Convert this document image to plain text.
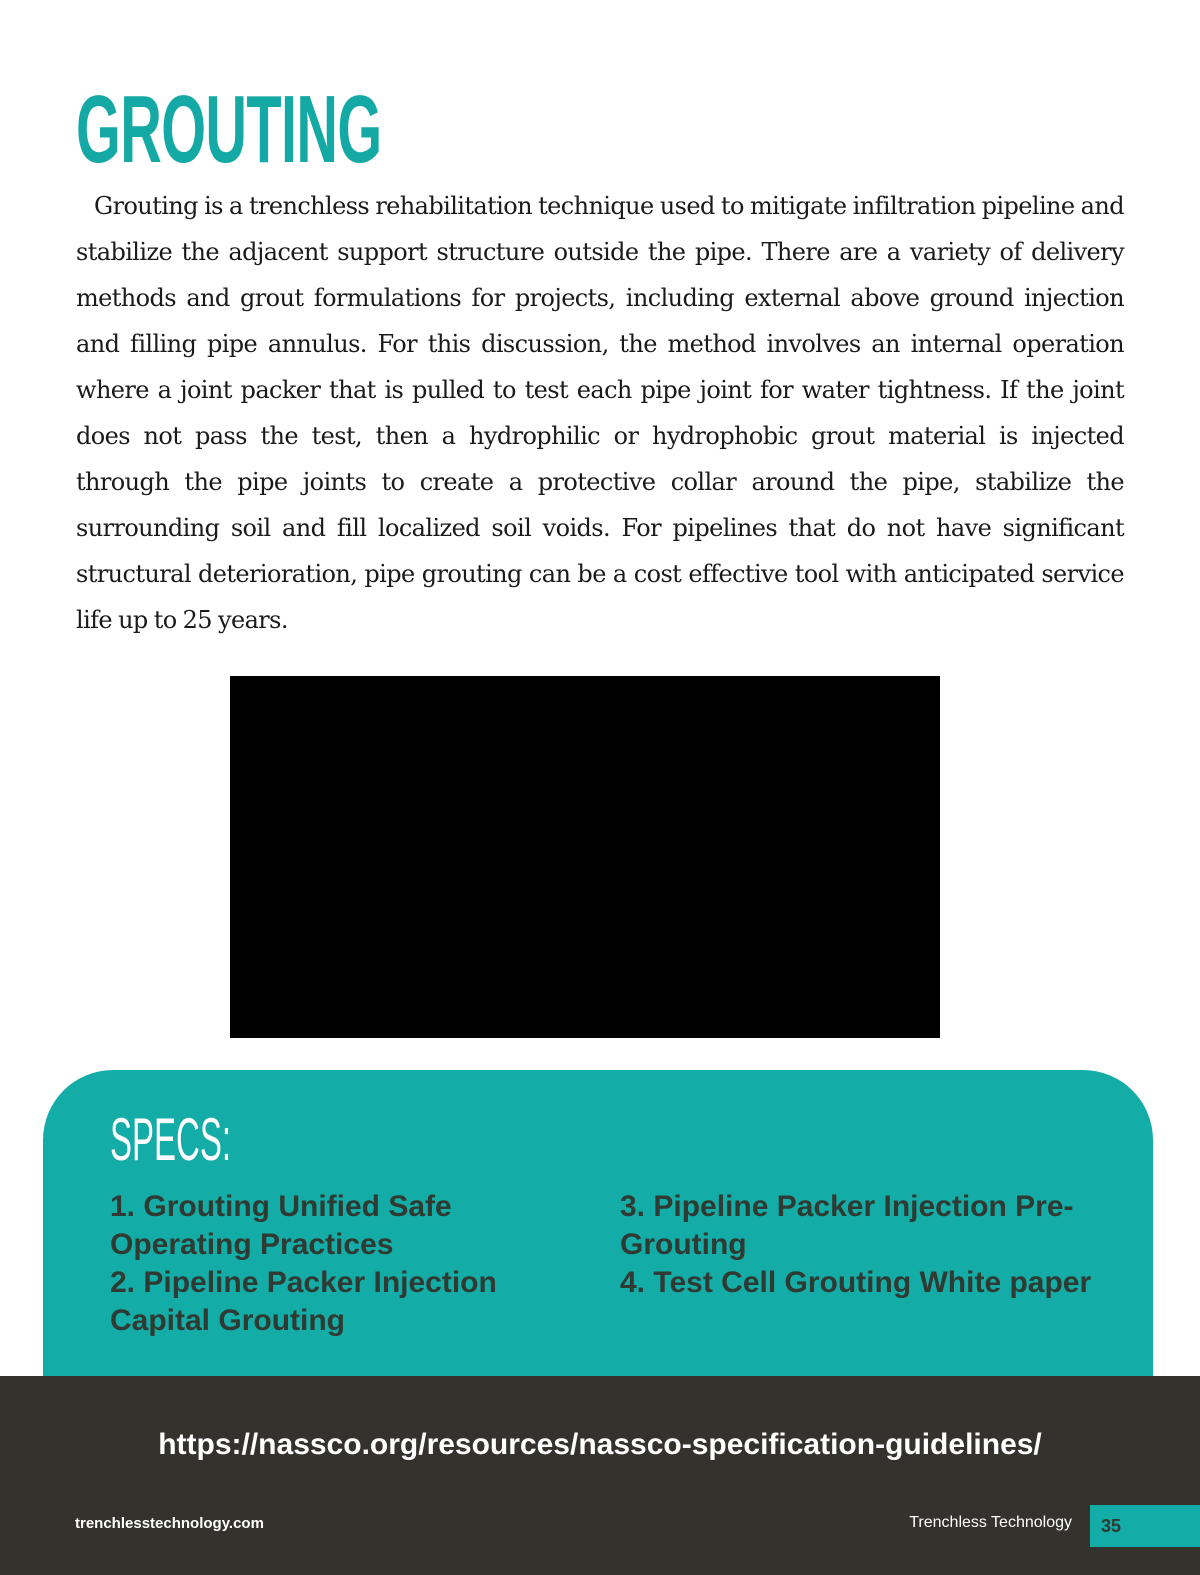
GROUTING

Grouting is a trenchless rehabilitation technique used to mitigate infiltration pipeline and stabilize the adjacent support structure outside the pipe. There are a variety of delivery methods and grout formulations for projects, including external above ground injection and filling pipe annulus. For this discussion, the method involves an internal operation where a joint packer that is pulled to test each pipe joint for water tightness. If the joint does not pass the test, then a hydrophilic or hydrophobic grout material is injected through the pipe joints to create a protective collar around the pipe, stabilize the surrounding soil and fill localized soil voids. For pipelines that do not have significant structural deterioration, pipe grouting can be a cost effective tool with anticipated service life up to 25 years.

SPECS:
1. Grouting Unified Safe Operating Practices
2. Pipeline Packer Injection Capital Grouting
3. Pipeline Packer Injection Pre-Grouting
4. Test Cell Grouting White paper
https://nassco.org/resources/nassco-specification-guidelines/
trenchlesstechnology.com	Trenchless Technology	35
